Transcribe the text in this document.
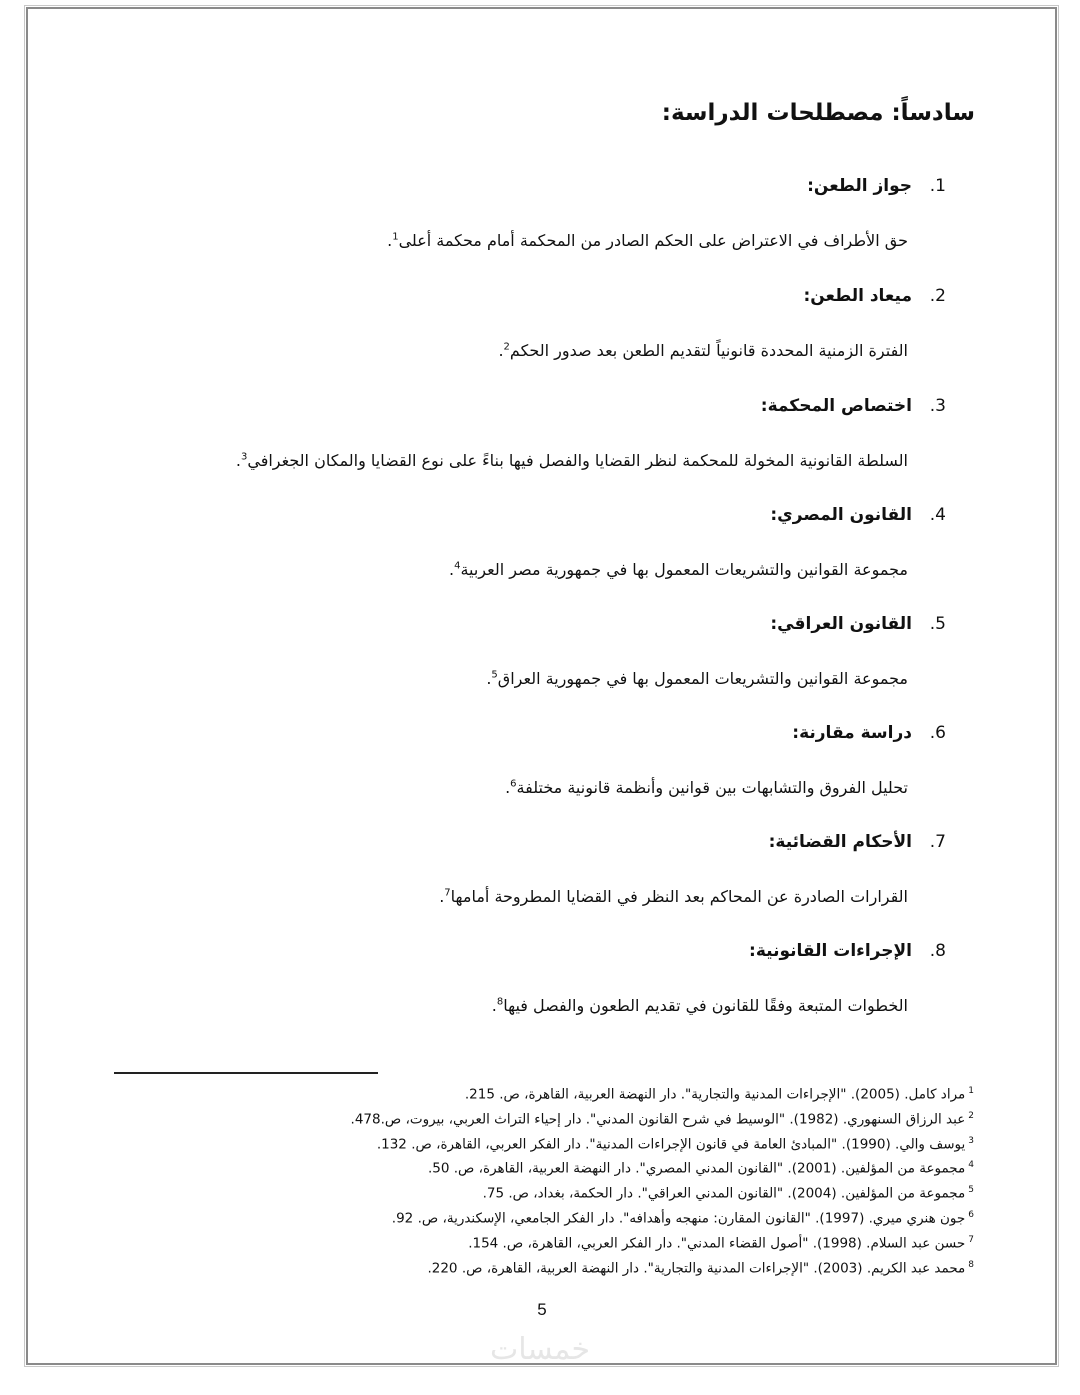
سادساً: مصطلحات الدراسة:
1 .
جواز الطعن:
حق الأطراف في الاعتراض على الحكم الصادر من المحكمة أمام محكمة أعلى$^1$.
2 .
ميعاد الطعن:
الفترة الزمنية المحددة قانونياً لتقديم الطعن بعد صدور الحكم$^2$.
3 .
اختصاص المحكمة:
السلطة القانونية المخولة للمحكمة لنظر القضايا والفصل فيها بناءً على نوع القضايا والمكان الجغرافي$^3$.
4 .
القانون المصري:
مجموعة القوانين والتشريعات المعمول بها في جمهورية مصر العربية$^4$.
5 .
القانون العراقي:
مجموعة القوانين والتشريعات المعمول بها في جمهورية العراق$^5$.
6 .
دراسة مقارنة:
تحليل الفروق والتشابهات بين قوانين وأنظمة قانونية مختلفة$^6$.
7 .
الأحكام القضائية:
القرارات الصادرة عن المحاكم بعد النظر في القضايا المطروحة أمامها$^7$.
8 .
الإجراءات القانونية:
الخطوات المتبعة وفقًا للقانون في تقديم الطعون والفصل فيها$^8$.
$^1$مراد كامل. (2005). "الإجراءات المدنية والتجارية". دار النهضة العربية، القاهرة، ص. 215.
$^2$عبد الرزاق السنهوري. (1982). "الوسيط في شرح القانون المدني". دار إحياء التراث العربي، بيروت، ص.478.
$^3$يوسف والي. (1990). "المبادئ العامة في قانون الإجراءات المدنية". دار الفكر العربي، القاهرة، ص. 132.
$^4$مجموعة من المؤلفين. (2001). "القانون المدني المصري". دار النهضة العربية، القاهرة، ص. 50.
$^5$مجموعة من المؤلفين. (2004). "القانون المدني العراقي". دار الحكمة، بغداد، ص. 75.
$^6$جون هنري ميري. (1997). "القانون المقارن: منهجه وأهدافه". دار الفكر الجامعي، الإسكندرية، ص. 92.
$^7$حسن عبد السلام. (1998). "أصول القضاء المدني". دار الفكر العربي، القاهرة، ص. 154.
$^8$محمد عبد الكريم. (2003). "الإجراءات المدنية والتجارية". دار النهضة العربية، القاهرة، ص. 220.
5
خمسات
